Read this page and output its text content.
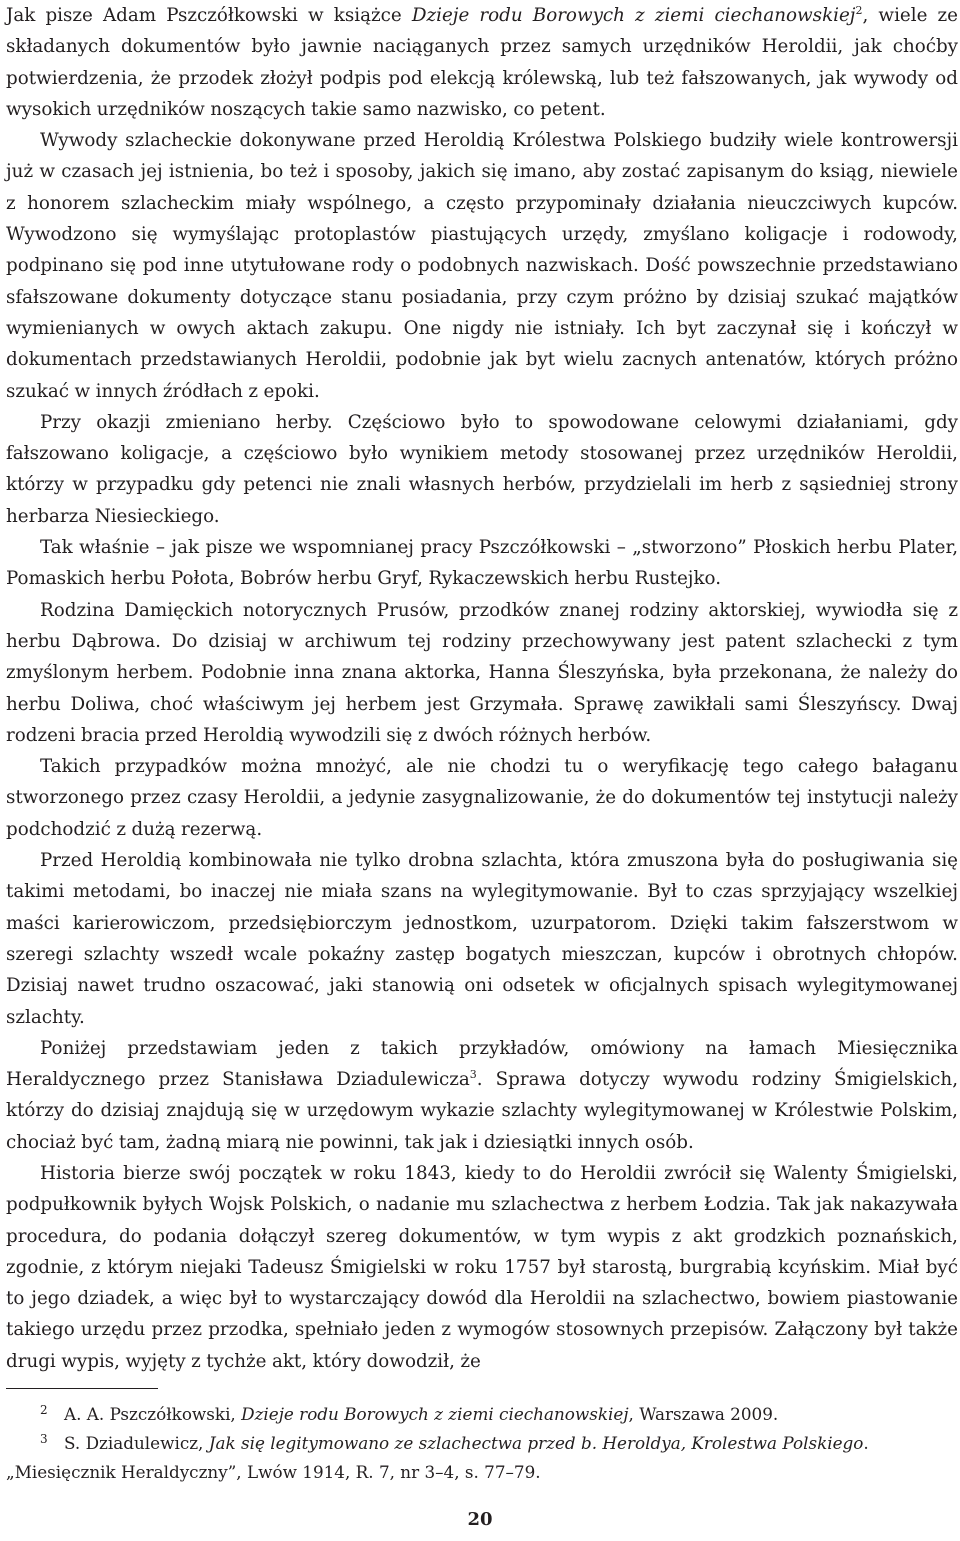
Jak pisze Adam Pszczółkowski w książce Dzieje rodu Borowych z ziemi ciechanowskiej$^2$, wiele ze składanych dokumentów było jawnie naciąganych przez samych urzędników Heroldii, jak choćby potwierdzenia, że przodek złożył podpis pod elekcją królewską, lub też fałszowanych, jak wywody od wysokich urzędników noszących takie samo nazwisko, co petent.

Wywody szlacheckie dokonywane przed Heroldią Królestwa Polskiego budziły wiele kontrowersji już w czasach jej istnienia, bo też i sposoby, jakich się imano, aby zostać zapisanym do ksiąg, niewiele z honorem szlacheckim miały wspólnego, a często przypominały działania nieuczciwych kupców. Wywodzono się wymyślając protoplastów piastujących urzędy, zmyślano koligacje i rodowody, podpinano się pod inne utytułowane rody o podobnych nazwiskach. Dość powszechnie przedstawiano sfałszowane dokumenty dotyczące stanu posiadania, przy czym próżno by dzisiaj szukać majątków wymienianych w owych aktach zakupu. One nigdy nie istniały. Ich byt zaczynał się i kończył w dokumentach przedstawianych Heroldii, podobnie jak byt wielu zacnych antenatów, których próżno szukać w innych źródłach z epoki.

Przy okazji zmieniano herby. Częściowo było to spowodowane celowymi działaniami, gdy fałszowano koligacje, a częściowo było wynikiem metody stosowanej przez urzędników Heroldii, którzy w przypadku gdy petenci nie znali własnych herbów, przydzielali im herb z sąsiedniej strony herbarza Niesieckiego.

Tak właśnie – jak pisze we wspomnianej pracy Pszczółkowski – „stworzono” Płoskich herbu Plater, Pomaskich herbu Połota, Bobrów herbu Gryf, Rykaczewskich herbu Rustejko.

Rodzina Damięckich notorycznych Prusów, przodków znanej rodziny aktorskiej, wywiodła się z herbu Dąbrowa. Do dzisiaj w archiwum tej rodziny przechowywany jest patent szlachecki z tym zmyślonym herbem. Podobnie inna znana aktorka, Hanna Śleszyńska, była przekonana, że należy do herbu Doliwa, choć właściwym jej herbem jest Grzymała. Sprawę zawikłali sami Śleszyńscy. Dwaj rodzeni bracia przed Heroldią wywodzili się z dwóch różnych herbów.

Takich przypadków można mnożyć, ale nie chodzi tu o weryfikację tego całego bałaganu stworzonego przez czasy Heroldii, a jedynie zasygnalizowanie, że do dokumentów tej instytucji należy podchodzić z dużą rezerwą.

Przed Heroldią kombinowała nie tylko drobna szlachta, która zmuszona była do posługiwania się takimi metodami, bo inaczej nie miała szans na wylegitymowanie. Był to czas sprzyjający wszelkiej maści karierowiczom, przedsiębiorczym jednostkom, uzurpatorom. Dzięki takim fałszerstwom w szeregi szlachty wszedł wcale pokaźny zastęp bogatych mieszczan, kupców i obrotnych chłopów. Dzisiaj nawet trudno oszacować, jaki stanowią oni odsetek w oficjalnych spisach wylegitymowanej szlachty.

Poniżej przedstawiam jeden z takich przykładów, omówiony na łamach Miesięcznika Heraldycznego przez Stanisława Dziadulewicza$^3$. Sprawa dotyczy wywodu rodziny Śmigielskich, którzy do dzisiaj znajdują się w urzędowym wykazie szlachty wylegitymowanej w Królestwie Polskim, chociaż być tam, żadną miarą nie powinni, tak jak i dziesiątki innych osób.

Historia bierze swój początek w roku 1843, kiedy to do Heroldii zwrócił się Walenty Śmigielski, podpułkownik byłych Wojsk Polskich, o nadanie mu szlachectwa z herbem Łodzia. Tak jak nakazywała procedura, do podania dołączył szereg dokumentów, w tym wypis z akt grodzkich poznańskich, zgodnie, z którym niejaki Tadeusz Śmigielski w roku 1757 był starostą, burgrabią kcyńskim. Miał być to jego dziadek, a więc był to wystarczający dowód dla Heroldii na szlachectwo, bowiem piastowanie takiego urzędu przez przodka, spełniało jeden z wymogów stosownych przepisów. Załączony był także drugi wypis, wyjęty z tychże akt, który dowodził, że

2 A. A. Pszczółkowski, Dzieje rodu Borowych z ziemi ciechanowskiej, Warszawa 2009.
3 S. Dziadulewicz, Jak się legitymowano ze szlachectwa przed b. Heroldya, Krolestwa Polskiego. „Miesięcznik Heraldyczny”, Lwów 1914, R. 7, nr 3–4, s. 77–79.
20
